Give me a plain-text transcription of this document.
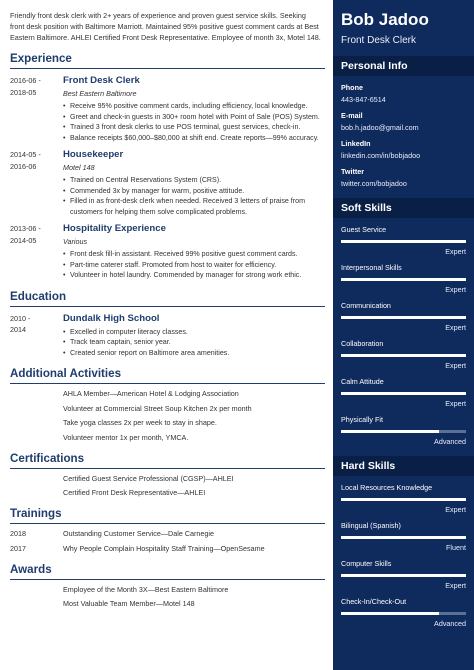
Friendly front desk clerk with 2+ years of experience and proven guest service skills. Seeking front desk position with Baltimore Marriott. Maintained 95% positive guest comment cards at Best Eastern Baltimore. AHLEI Certified Front Desk Representative. Employee of month 3x, Motel 148.

Experience
2016-06 -
2018-05
Front Desk Clerk
Best Eastern Baltimore
• Receive 95% positive comment cards, including efficiency, local knowledge.
• Greet and check-in guests in 300+ room hotel with Point of Sale (POS) System.
• Trained 3 front desk clerks to use POS terminal, guest services, check-in.
• Balance receipts $60,000–$80,000 at shift end. Create reports—99% accuracy.
2014-05 -
2016-06
Housekeeper
Motel 148
• Trained on Central Reservations System (CRS).
• Commended 3x by manager for warm, positive attitude.
• Filled in as front-desk clerk when needed. Received 3 letters of praise from customers for helping them solve complicated problems.
2013-06 -
2014-05
Hospitality Experience
Various
• Front desk fill-in assistant. Received 99% positive guest comment cards.
• Part-time caterer staff. Promoted from host to waiter for efficiency.
• Volunteer in hotel laundry. Commended by manager for strong work ethic.
Education
2010 -
2014
Dundalk High School
• Excelled in computer literacy classes.
• Track team captain, senior year.
• Created senior report on Baltimore area amenities.
Additional Activities
AHLA Member—American Hotel & Lodging Association
Volunteer at Commercial Street Soup Kitchen 2x per month
Take yoga classes 2x per week to stay in shape.
Volunteer mentor 1x per month, YMCA.
Certifications
Certified Guest Service Professional (CGSP)—AHLEI
Certified Front Desk Representative—AHLEI
Trainings
2018	Outstanding Customer Service—Dale Carnegie
2017	Why People Complain Hospitality Staff Training—OpenSesame
Awards
Employee of the Month 3X—Best Eastern Baltimore
Most Valuable Team Member—Motel 148
Bob Jadoo
Front Desk Clerk
Personal Info
Phone
443-847-6514
E-mail
bob.h.jadoo@gmail.com
LinkedIn
linkedin.com/in/bobjadoo
Twitter
twitter.com/bobjadoo
Soft Skills
Guest Service
Expert
Interpersonal Skills
Expert
Communication
Expert
Collaboration
Expert
Calm Attitude
Expert
Physically Fit
Advanced
Hard Skills
Local Resources Knowledge
Expert
Bilingual (Spanish)
Fluent
Computer Skills
Expert
Check-In/Check-Out
Advanced
